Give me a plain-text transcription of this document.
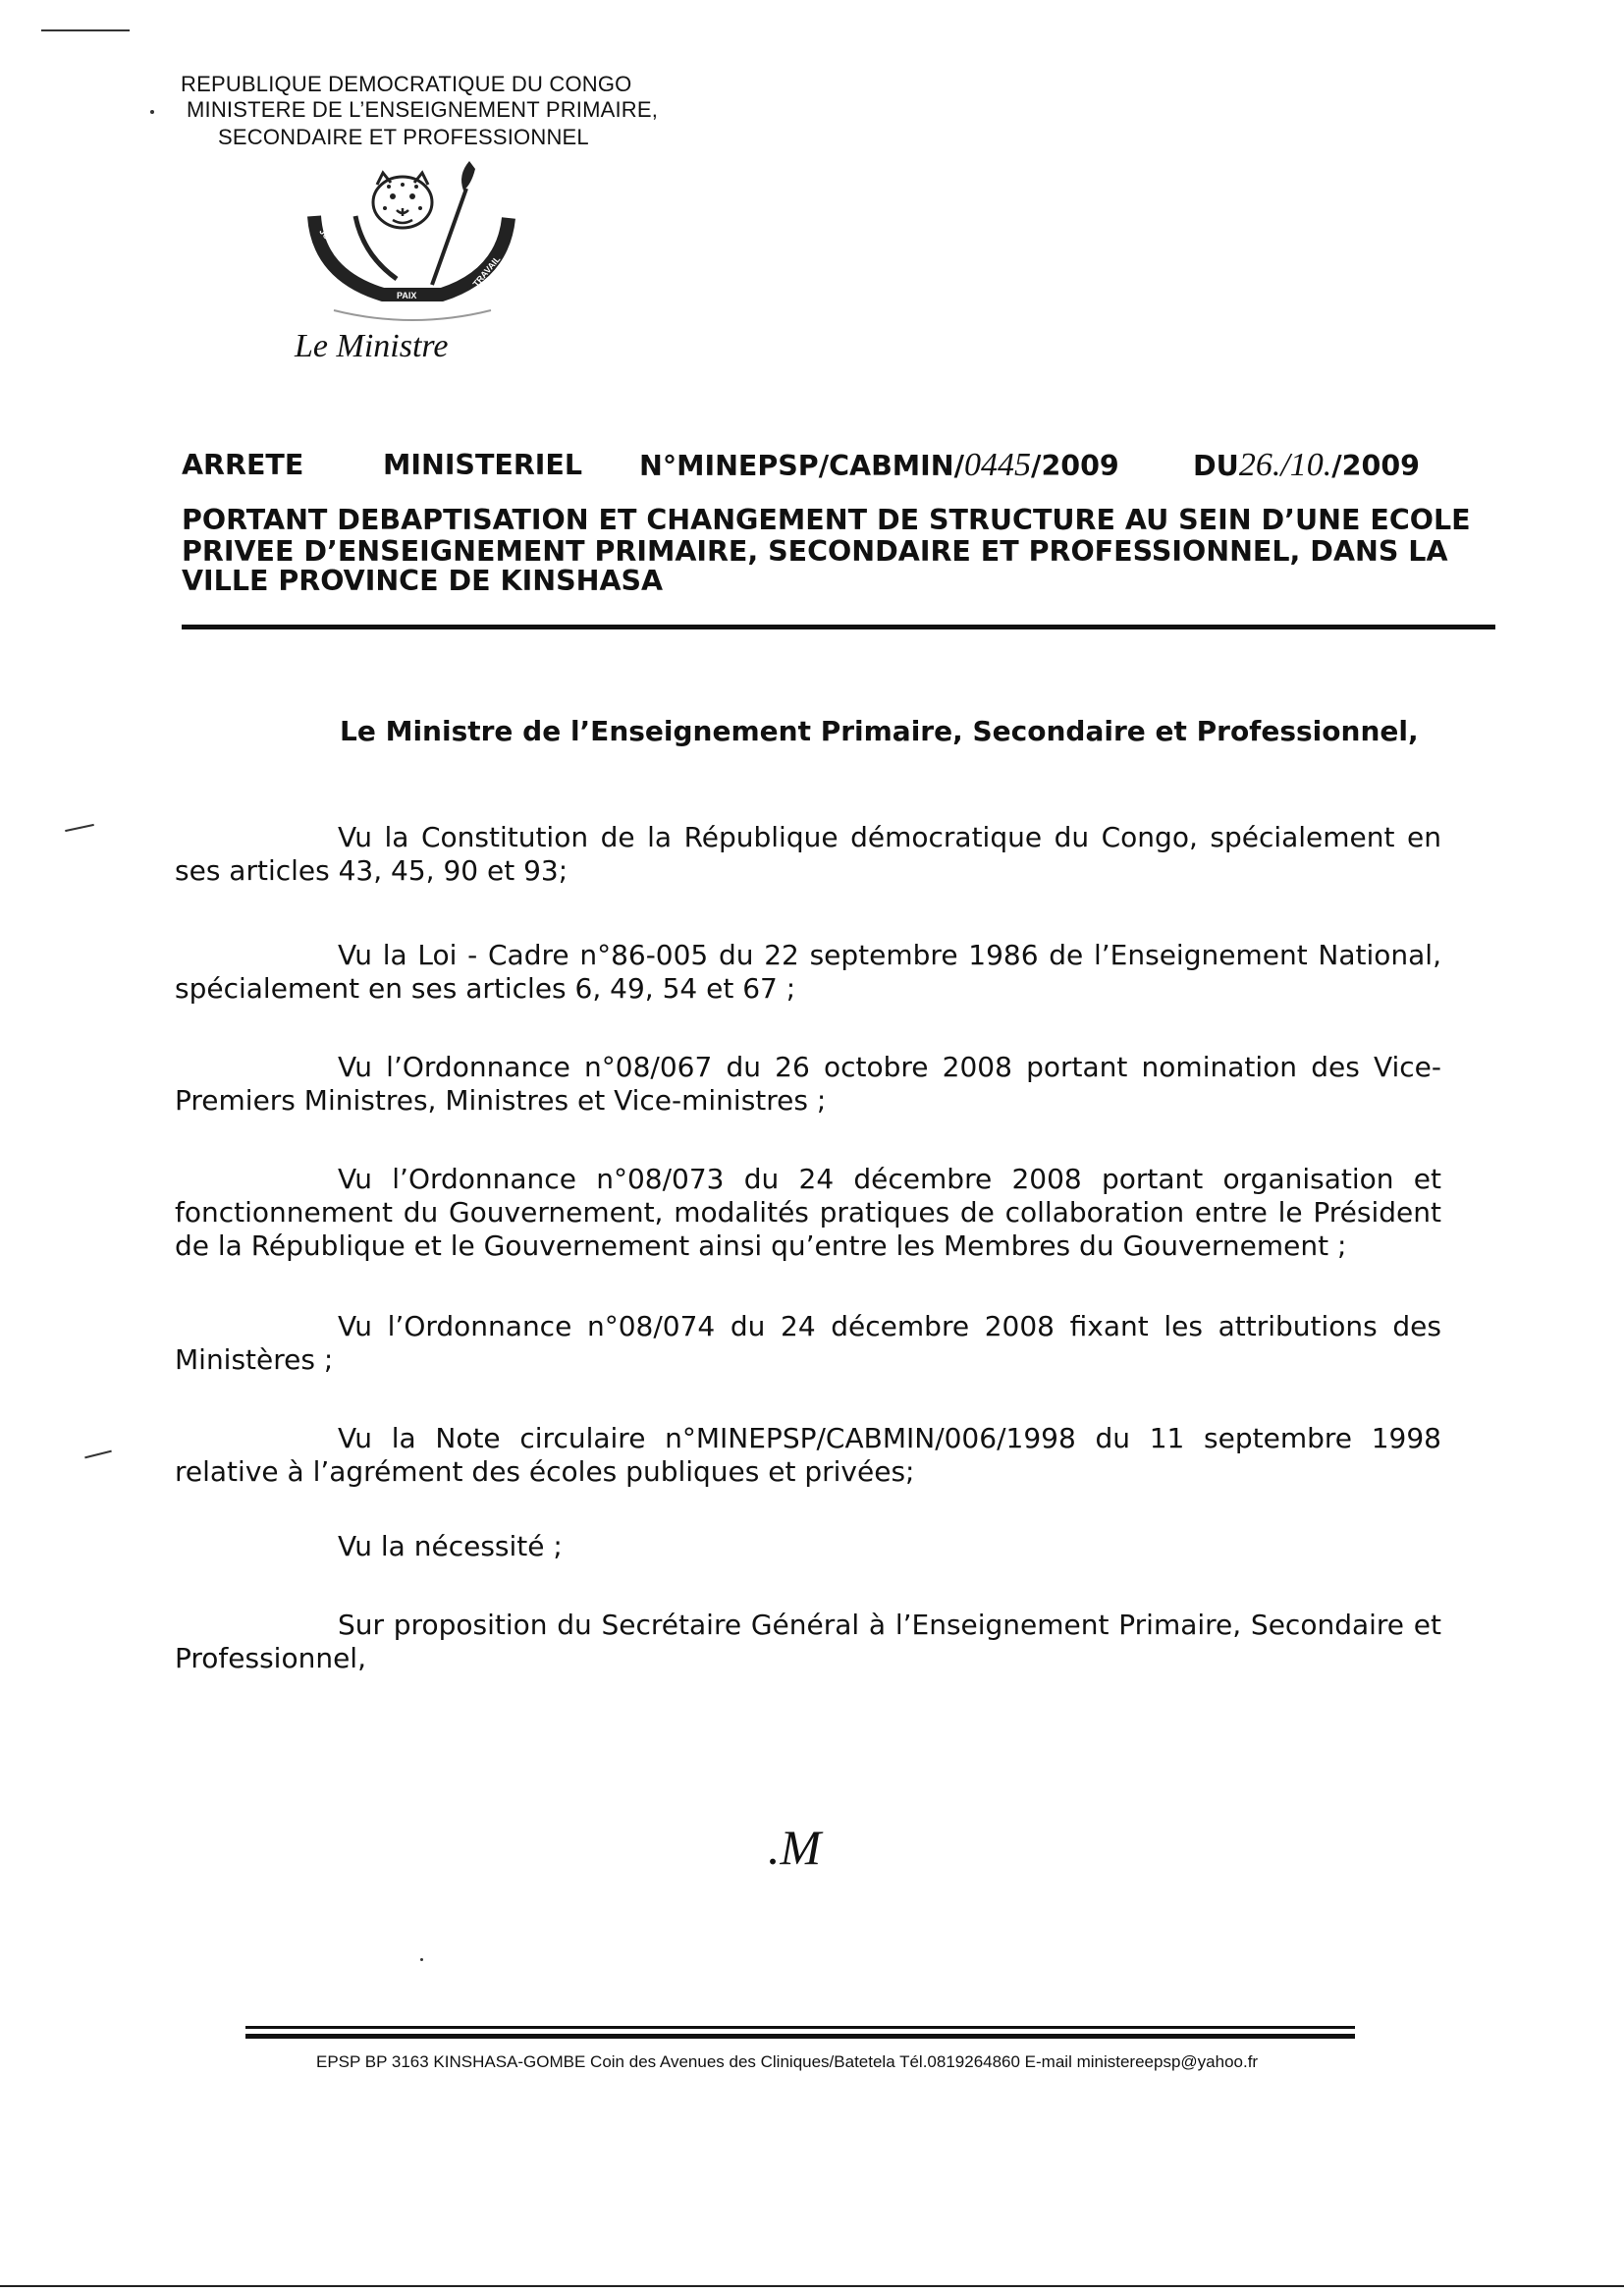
REPUBLIQUE DEMOCRATIQUE DU CONGO
MINISTERE DE L’ENSEIGNEMENT PRIMAIRE,
SECONDAIRE ET PROFESSIONNEL
JUSTICE
PAIX
TRAVAIL
Le Ministre
ARRETE	MINISTERIEL N°MINEPSP/CABMIN/0445/2009	DU26./10./2009
PORTANT DEBAPTISATION ET CHANGEMENT DE STRUCTURE AU SEIN D’UNE ECOLE
PRIVEE D’ENSEIGNEMENT PRIMAIRE, SECONDAIRE ET PROFESSIONNEL, DANS LA
VILLE PROVINCE DE KINSHASA
Le Ministre de l’Enseignement Primaire, Secondaire et Professionnel,
Vu la Constitution de la République démocratique du Congo, spécialement en ses articles 43, 45, 90 et 93;
Vu la Loi - Cadre n°86-005 du 22 septembre 1986 de l’Enseignement National, spécialement en ses articles 6, 49, 54 et 67 ;
Vu l’Ordonnance n°08/067 du 26 octobre 2008 portant nomination des Vice-Premiers Ministres, Ministres et Vice-ministres ;
Vu l’Ordonnance n°08/073 du 24 décembre 2008 portant organisation et fonctionnement du Gouvernement, modalités pratiques de collaboration entre le Président de la République et le Gouvernement ainsi qu’entre les Membres du Gouvernement ;
Vu l’Ordonnance n°08/074 du 24 décembre 2008 fixant les attributions des Ministères ;
Vu la Note circulaire n°MINEPSP/CABMIN/006/1998 du 11 septembre 1998 relative à l’agrément des écoles publiques et privées;
Vu la nécessité ;
Sur proposition du Secrétaire Général à l’Enseignement Primaire, Secondaire et Professionnel,
.M
EPSP BP 3163 KINSHASA-GOMBE Coin des Avenues des Cliniques/Batetela Tél.0819264860 E-mail ministereepsp@yahoo.fr
